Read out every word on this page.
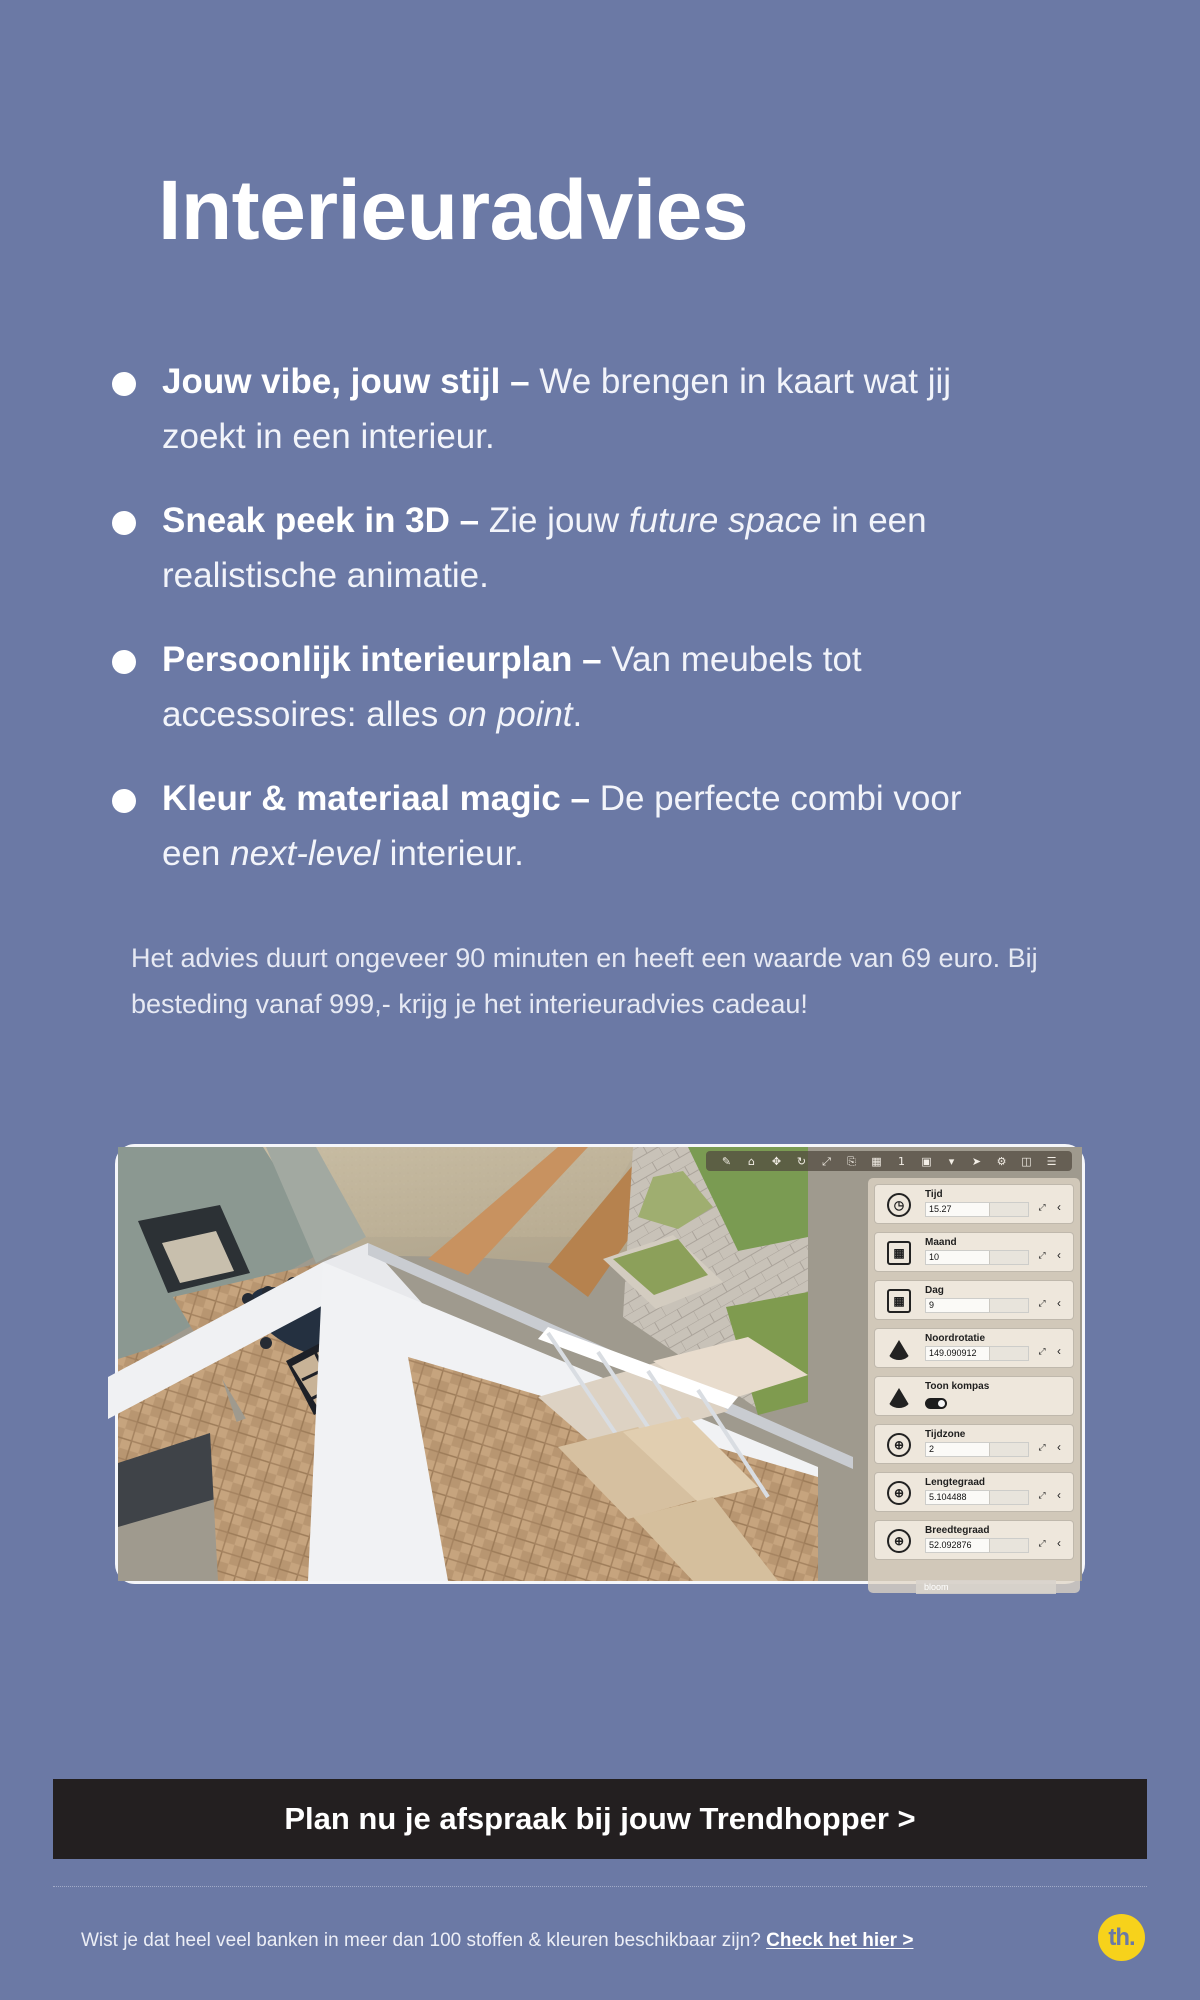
Interieuradvies
Jouw vibe, jouw stijl – We brengen in kaart wat jij zoekt in een interieur.
Sneak peek in 3D – Zie jouw future space in een realistische animatie.
Persoonlijk interieurplan – Van meubels tot accessoires: alles on point.
Kleur & materiaal magic – De perfecte combi voor een next-level interieur.

Het advies duurt ongeveer 90 minuten en heeft een waarde van 69 euro. Bij besteding vanaf 999,- krijg je het interieuradvies cadeau!

✎	⌂	✥ ↻ ⤢ ⎘ ▦	1	▣	▾	➤ ⚙ ◫ ☰
◷
Tijd
15.27	⤢ ‹
▦
Maand
10	⤢ ‹
▦
Dag
9	⤢ ‹
Noordrotatie
149.090912	⤢ ‹
Toon kompas
⊕
Tijdzone
2	⤢ ‹
⊕
Lengtegraad
5.104488	⤢ ‹
⊕
Breedtegraad
52.092876	⤢ ‹
bloom
Plan nu je afspraak bij jouw Trendhopper >

Wist je dat heel veel banken in meer dan 100 stoffen & kleuren beschikbaar zijn? Check het hier >	th.
